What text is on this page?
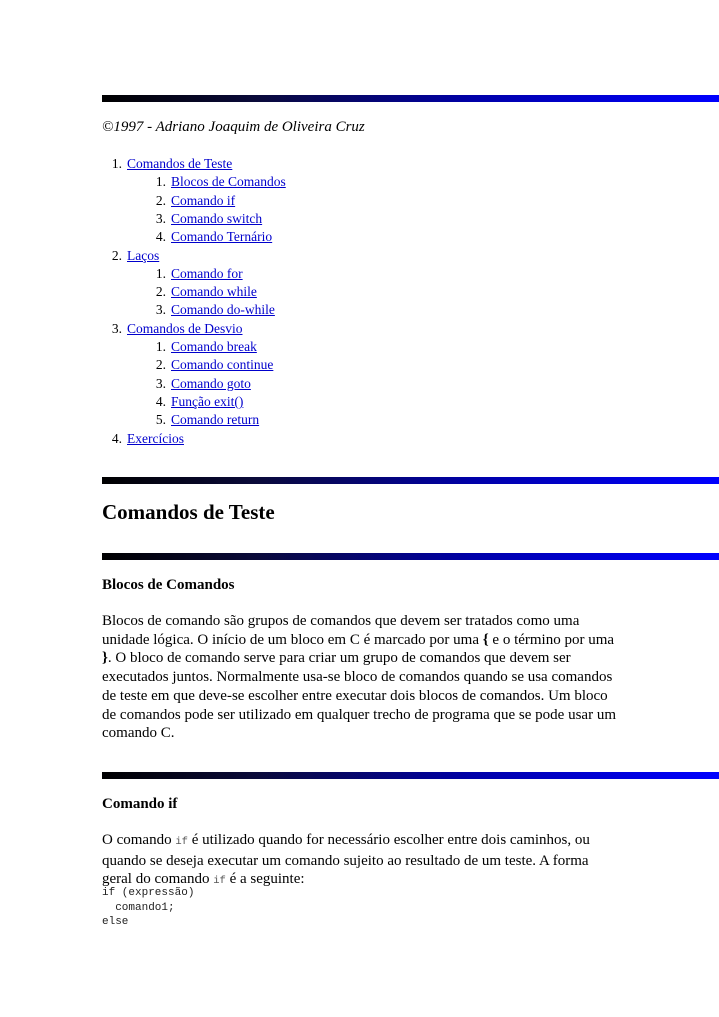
©1997 - Adriano Joaquim de Oliveira Cruz
1. Comandos de Teste
1. Blocos de Comandos
2. Comando if
3. Comando switch
4. Comando Ternário
2. Laços
1. Comando for
2. Comando while
3. Comando do-while
3. Comandos de Desvio
1. Comando break
2. Comando continue
3. Comando goto
4. Função exit()
5. Comando return
4. Exercícios
Comandos de Teste
Blocos de Comandos

Blocos de comando são grupos de comandos que devem ser tratados como uma unidade lógica. O início de um bloco em C é marcado por uma { e o término por uma }. O bloco de comando serve para criar um grupo de comandos que devem ser executados juntos. Normalmente usa-se bloco de comandos quando se usa comandos de teste em que deve-se escolher entre executar dois blocos de comandos. Um bloco de comandos pode ser utilizado em qualquer trecho de programa que se pode usar um comando C.

Comando if

O comando if é utilizado quando for necessário escolher entre dois caminhos, ou quando se deseja executar um comando sujeito ao resultado de um teste. A forma geral do comando if é a seguinte:

if (expressão)
comando1;
else
